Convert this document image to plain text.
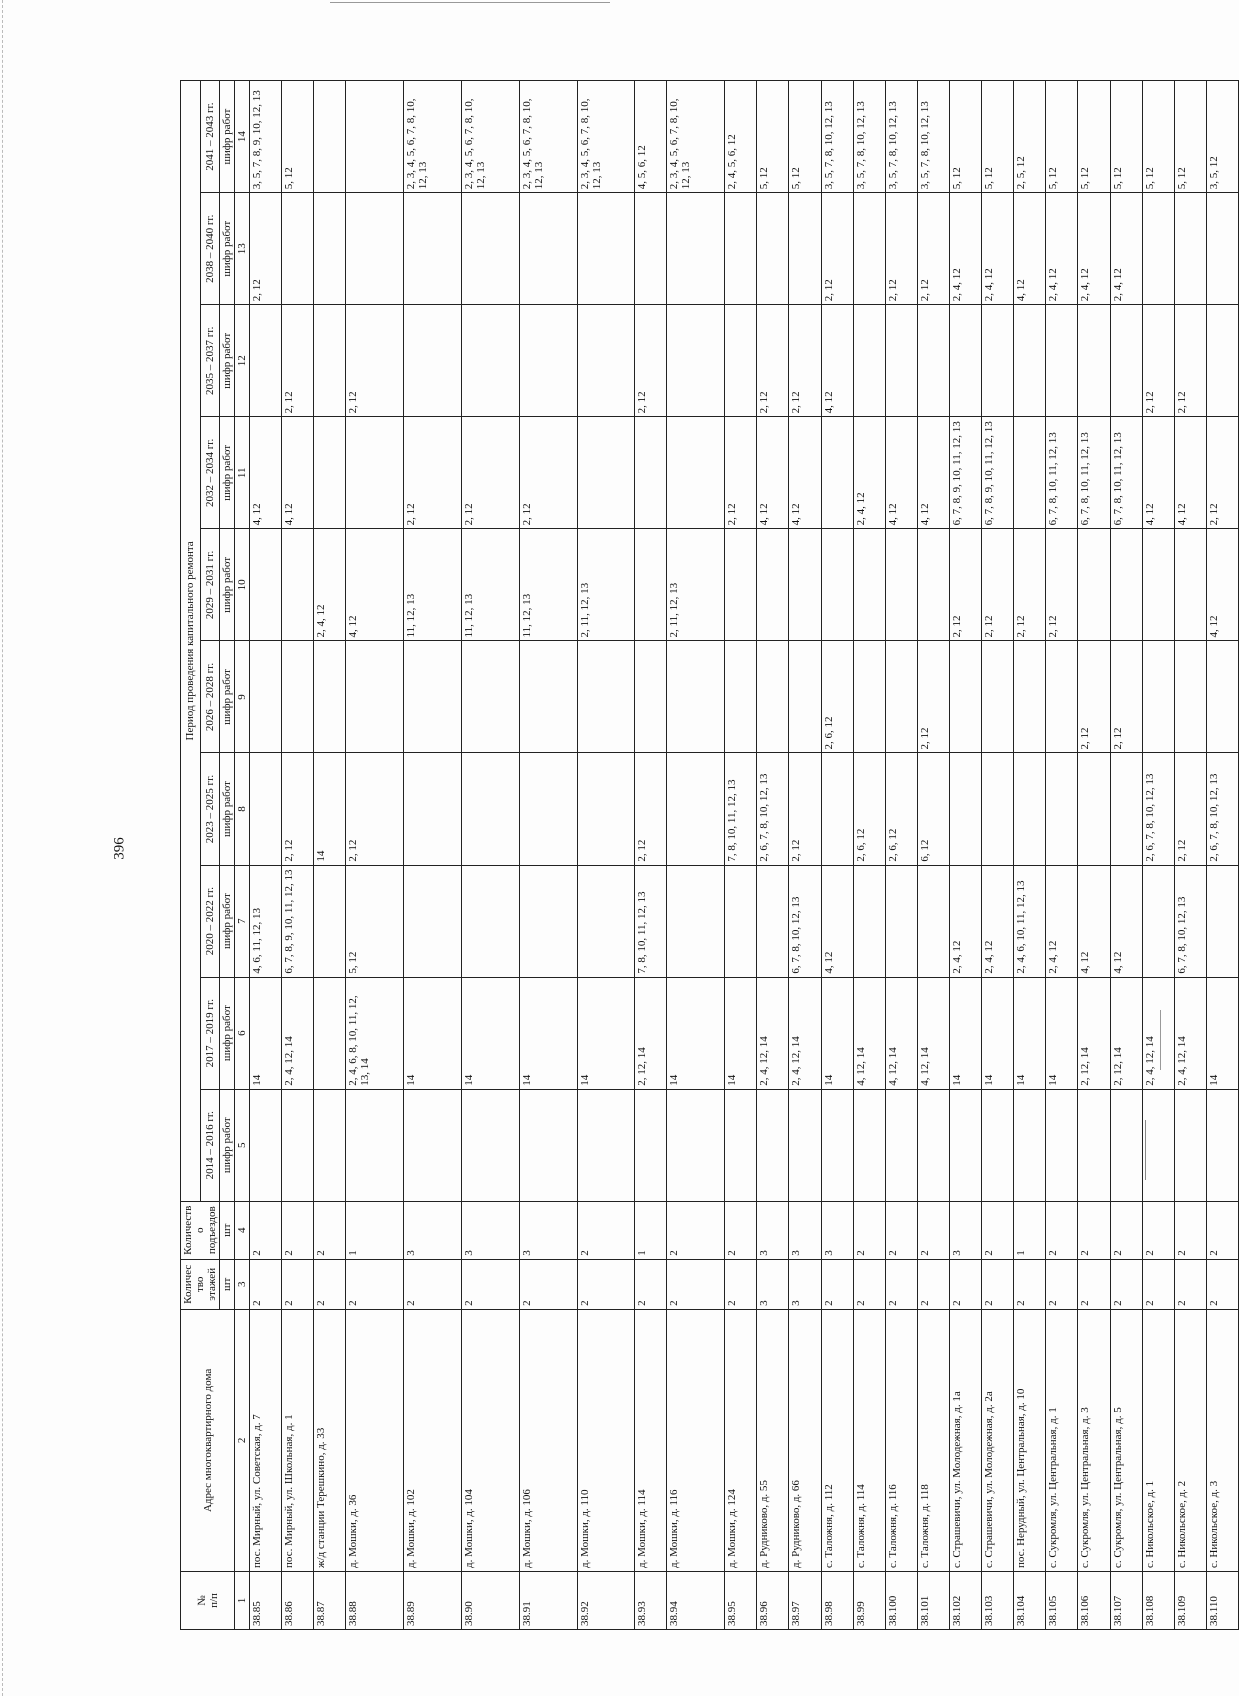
396
№
п/п	Адрес многоквартирного дома	Количество этажей	Количество подъездов	Период проведения капитального ремонта									
				2014 – 2016 гг.	2017 – 2019 гг.	2020 – 2022 гг.	2023 – 2025 гг.	2026 – 2028 гг.	2029 – 2031 гг.	2032 – 2034 гг.	2035 – 2037 гг.	2038 – 2040 гг.	2041 – 2043 гг.
		шт	шт	шифр работ	шифр работ	шифр работ	шифр работ	шифр работ	шифр работ	шифр работ	шифр работ	шифр работ	шифр работ
1	2	3	4	5	6	7	8	9	10	11	12	13	14
38.85	пос. Мирный, ул. Советская, д. 7	2	2		14	4, 6, 11, 12, 13				4, 12		2, 12	3, 5, 7, 8, 9, 10, 12, 13
38.86	пос. Мирный, ул. Школьная, д. 1	2	2		2, 4, 12, 14	6, 7, 8, 9, 10, 11, 12, 13	2, 12			4, 12	2, 12		5, 12
38.87	ж/д станции Терешкино, д. 33	2	2				14		2, 4, 12				
38.88	д. Мошки, д. 36	2	1		2, 4, 6, 8, 10, 11, 12, 13, 14	5, 12	2, 12		4, 12		2, 12		
38.89	д. Мошки, д. 102	2	3		14				11, 12, 13	2, 12			2, 3, 4, 5, 6, 7, 8, 10, 12, 13
38.90	д. Мошки, д. 104	2	3		14				11, 12, 13	2, 12			2, 3, 4, 5, 6, 7, 8, 10, 12, 13
38.91	д. Мошки, д. 106	2	3		14				11, 12, 13	2, 12			2, 3, 4, 5, 6, 7, 8, 10, 12, 13
38.92	д. Мошки, д. 110	2	2		14				2, 11, 12, 13				2, 3, 4, 5, 6, 7, 8, 10, 12, 13
38.93	д. Мошки, д. 114	2	1		2, 12, 14	7, 8, 10, 11, 12, 13	2, 12				2, 12		4, 5, 6, 12
38.94	д. Мошки, д. 116	2	2		14				2, 11, 12, 13				2, 3, 4, 5, 6, 7, 8, 10, 12, 13
38.95	д. Мошки, д. 124	2	2		14		7, 8, 10, 11, 12, 13			2, 12			2, 4, 5, 6, 12
38.96	д. Рудниково, д. 55	3	3		2, 4, 12, 14		2, 6, 7, 8, 10, 12, 13			4, 12	2, 12		5, 12
38.97	д. Рудниково, д. 66	3	3		2, 4, 12, 14	6, 7, 8, 10, 12, 13	2, 12			4, 12	2, 12		5, 12
38.98	с. Таложня, д. 112	2	3		14	4, 12		2, 6, 12			4, 12	2, 12	3, 5, 7, 8, 10, 12, 13
38.99	с. Таложня, д. 114	2	2		4, 12, 14		2, 6, 12			2, 4, 12			3, 5, 7, 8, 10, 12, 13
38.100	с. Таложня, д. 116	2	2		4, 12, 14		2, 6, 12			4, 12		2, 12	3, 5, 7, 8, 10, 12, 13
38.101	с. Таложня, д. 118	2	2		4, 12, 14		6, 12	2, 12		4, 12		2, 12	3, 5, 7, 8, 10, 12, 13
38.102	с. Страшевичи, ул. Молодежная, д. 1а	2	3		14	2, 4, 12			2, 12	6, 7, 8, 9, 10, 11, 12, 13		2, 4, 12	5, 12
38.103	с. Страшевичи, ул. Молодежная, д. 2а	2	2		14	2, 4, 12			2, 12	6, 7, 8, 9, 10, 11, 12, 13		2, 4, 12	5, 12
38.104	пос. Нерудный, ул. Центральная, д. 10	2	1		14	2, 4, 6, 10, 11, 12, 13			2, 12			4, 12	2, 5, 12
38.105	с. Сукромля, ул. Центральная, д. 1	2	2		14	2, 4, 12			2, 12	6, 7, 8, 10, 11, 12, 13		2, 4, 12	5, 12
38.106	с. Сукромля, ул. Центральная, д. 3	2	2		2, 12, 14	4, 12		2, 12		6, 7, 8, 10, 11, 12, 13		2, 4, 12	5, 12
38.107	с. Сукромля, ул. Центральная, д. 5	2	2		2, 12, 14	4, 12		2, 12		6, 7, 8, 10, 11, 12, 13		2, 4, 12	5, 12
38.108	с. Никольское, д. 1	2	2		2, 4, 12, 14		2, 6, 7, 8, 10, 12, 13			4, 12	2, 12		5, 12
38.109	с. Никольское, д. 2	2	2		2, 4, 12, 14	6, 7, 8, 10, 12, 13	2, 12			4, 12	2, 12		5, 12
38.110	с. Никольское, д. 3	2	2		14		2, 6, 7, 8, 10, 12, 13		4, 12	2, 12			3, 5, 12
